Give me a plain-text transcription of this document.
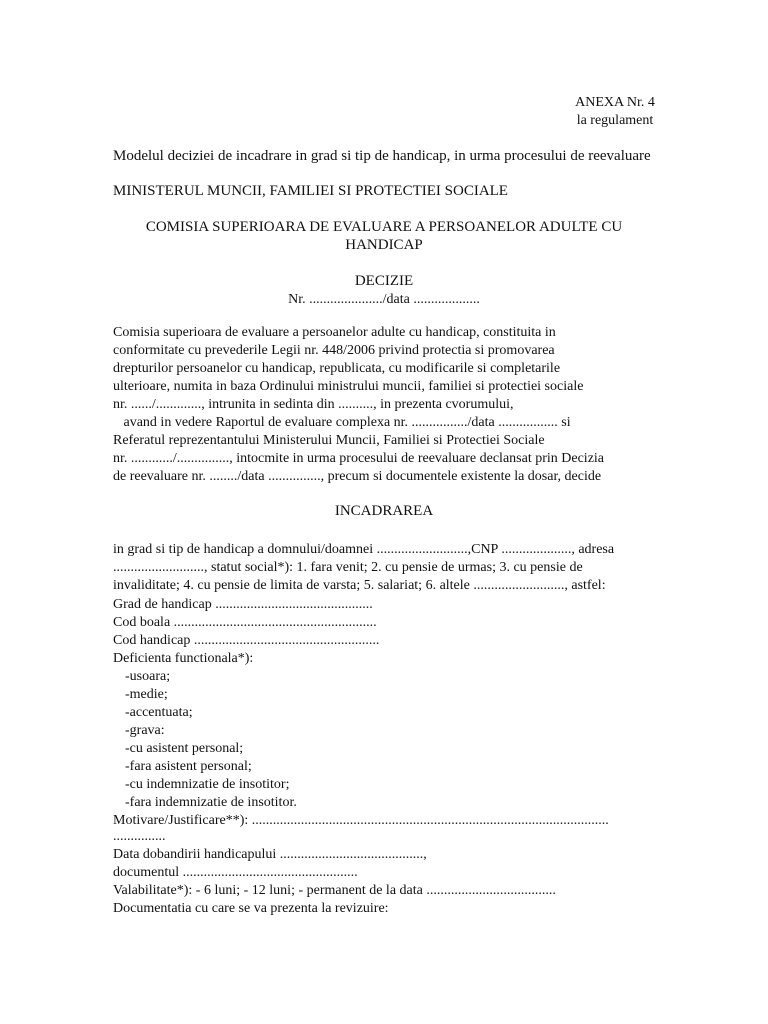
ANEXA Nr. 4
la regulament
Modelul deciziei de incadrare in grad si tip de handicap, in urma procesului de reevaluare
MINISTERUL MUNCII, FAMILIEI SI PROTECTIEI SOCIALE
COMISIA SUPERIOARA DE EVALUARE A PERSOANELOR ADULTE CU
HANDICAP
DECIZIE
Nr. ...................../data ...................
Comisia superioara de evaluare a persoanelor adulte cu handicap, constituita in
conformitate cu prevederile Legii nr. 448/2006 privind protectia si promovarea
drepturilor persoanelor cu handicap, republicata, cu modificarile si completarile
ulterioare, numita in baza Ordinului ministrului muncii, familiei si protectiei sociale
nr. ....../............., intrunita in sedinta din .........., in prezenta cvorumului,
avand in vedere Raportul de evaluare complexa nr. ................/data ................. si
Referatul reprezentantului Ministerului Muncii, Familiei si Protectiei Sociale
nr. ............/..............., intocmite in urma procesului de reevaluare declansat prin Decizia
de reevaluare nr. ......../data ..............., precum si documentele existente la dosar, decide
INCADRAREA
in grad si tip de handicap a domnului/doamnei ..........................,CNP ...................., adresa
.........................., statut social*): 1. fara venit; 2. cu pensie de urmas; 3. cu pensie de
invaliditate; 4. cu pensie de limita de varsta; 5. salariat; 6. altele .........................., astfel:
Grad de handicap .............................................
Cod boala ..........................................................
Cod handicap .....................................................
Deficienta functionala*):
-usoara;
-medie;
-accentuata;
-grava:
-cu asistent personal;
-fara asistent personal;
-cu indemnizatie de insotitor;
-fara indemnizatie de insotitor.
Motivare/Justificare**): ......................................................................................................
...............
Data dobandirii handicapului .........................................,
documentul ..................................................
Valabilitate*): - 6 luni; - 12 luni; - permanent de la data .....................................
Documentatia cu care se va prezenta la revizuire:
